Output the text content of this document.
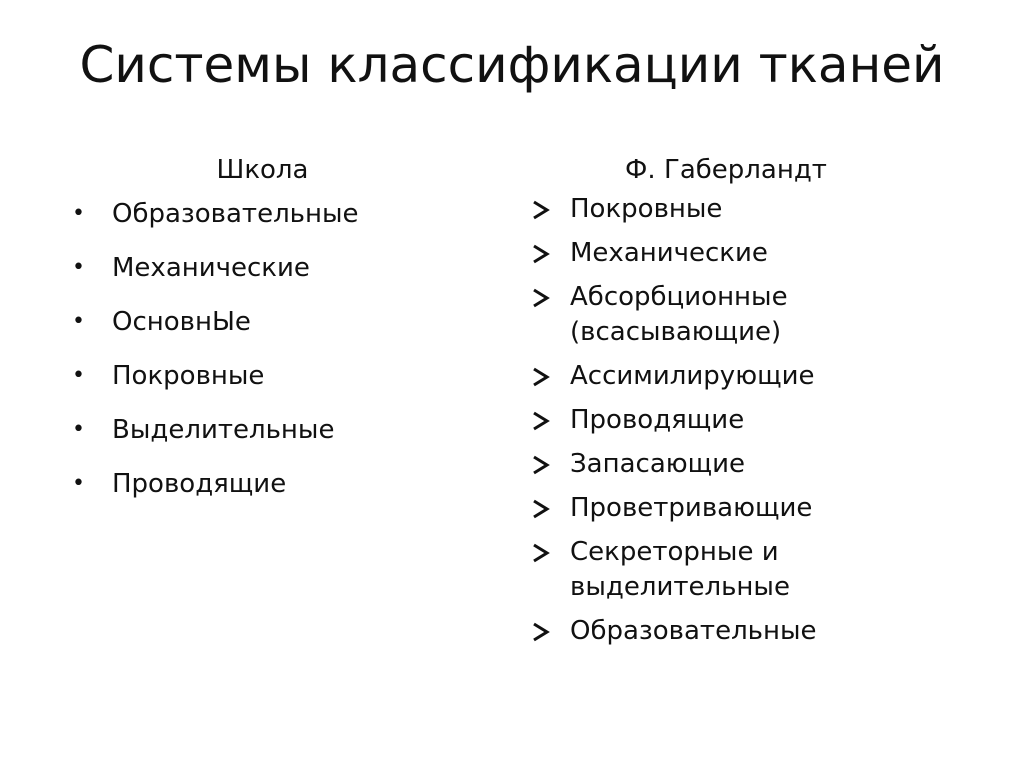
Системы классификации тканей
Школа
• Образовательные
• Механические
• ОсновнЫе
• Покровные
• Выделительные
• Проводящие
Ф. Габерландт
Покровные
Механические
Абсорбционные (всасывающие)
Ассимилирующие
Проводящие
Запасающие
Проветривающие
Секреторные и выделительные
Образовательные
